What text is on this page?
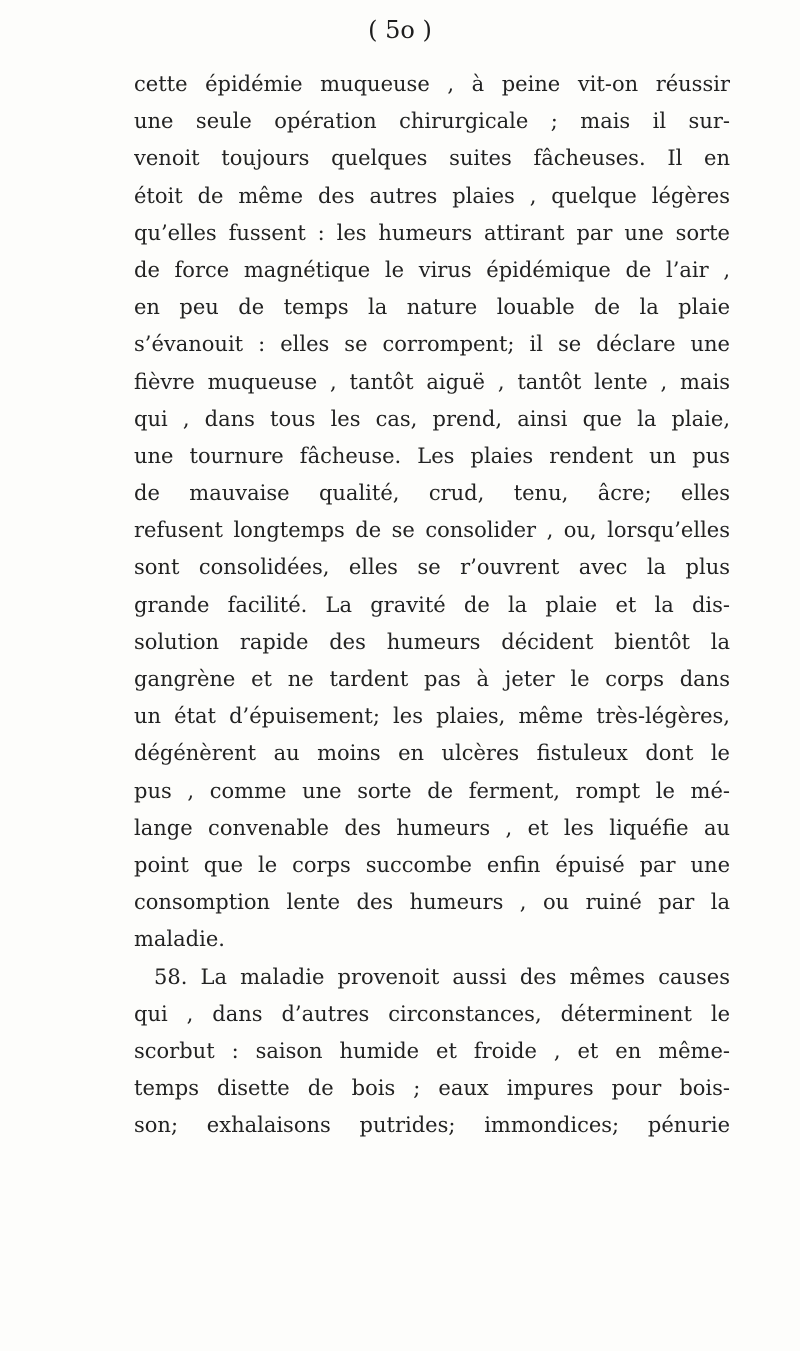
( 5o )
cette épidémie muqueuse , à peine vit-on réussir
une seule opération chirurgicale ; mais il sur-
venoit toujours quelques suites fâcheuses. Il en
étoit de même des autres plaies , quelque légères
qu’elles fussent : les humeurs attirant par une sorte
de force magnétique le virus épidémique de l’air ,
en peu de temps la nature louable de la plaie
s’évanouit : elles se corrompent; il se déclare une
fièvre muqueuse , tantôt aiguë , tantôt lente , mais
qui , dans tous les cas, prend, ainsi que la plaie,
une tournure fâcheuse. Les plaies rendent un pus
de mauvaise qualité, crud, tenu, âcre; elles
refusent longtemps de se consolider , ou, lorsqu’elles
sont consolidées, elles se r’ouvrent avec la plus
grande facilité. La gravité de la plaie et la dis-
solution rapide des humeurs décident bientôt la
gangrène et ne tardent pas à jeter le corps dans
un état d’épuisement; les plaies, même très-légères,
dégénèrent au moins en ulcères fistuleux dont le
pus , comme une sorte de ferment, rompt le mé-
lange convenable des humeurs , et les liquéfie au
point que le corps succombe enfin épuisé par une
consomption lente des humeurs , ou ruiné par la
maladie.
58. La maladie provenoit aussi des mêmes causes
qui , dans d’autres circonstances, déterminent le
scorbut : saison humide et froide , et en même-
temps disette de bois ; eaux impures pour bois-
son; exhalaisons putrides; immondices; pénurie
